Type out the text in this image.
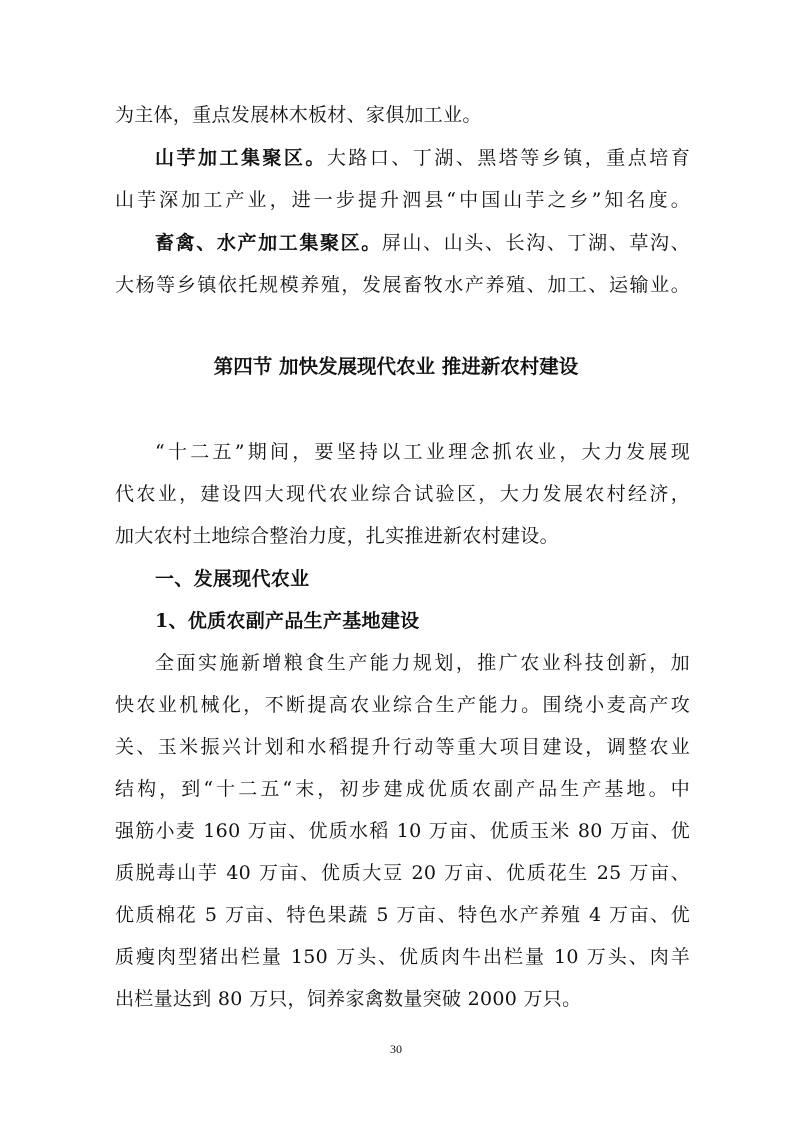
为主体，重点发展林木板材、家俱加工业。
山芋加工集聚区。大路口、丁湖、黑塔等乡镇，重点培育
山芋深加工产业，进一步提升泗县“中国山芋之乡”知名度。
畜禽、水产加工集聚区。屏山、山头、长沟、丁湖、草沟、
大杨等乡镇依托规模养殖，发展畜牧水产养殖、加工、运输业。
第四节 加快发展现代农业 推进新农村建设
“十二五”期间，要坚持以工业理念抓农业，大力发展现
代农业，建设四大现代农业综合试验区，大力发展农村经济，
加大农村土地综合整治力度，扎实推进新农村建设。
一、发展现代农业
1、优质农副产品生产基地建设
全面实施新增粮食生产能力规划，推广农业科技创新，加
快农业机械化，不断提高农业综合生产能力。围绕小麦高产攻
关、玉米振兴计划和水稻提升行动等重大项目建设，调整农业
结构，到“十二五“末，初步建成优质农副产品生产基地。中
强筋小麦 160 万亩、优质水稻 10 万亩、优质玉米 80 万亩、优
质脱毒山芋 40 万亩、优质大豆 20 万亩、优质花生 25 万亩、
优质棉花 5 万亩、特色果蔬 5 万亩、特色水产养殖 4 万亩、优
质瘦肉型猪出栏量 150 万头、优质肉牛出栏量 10 万头、肉羊
出栏量达到 80 万只，饲养家禽数量突破 2000 万只。
30
